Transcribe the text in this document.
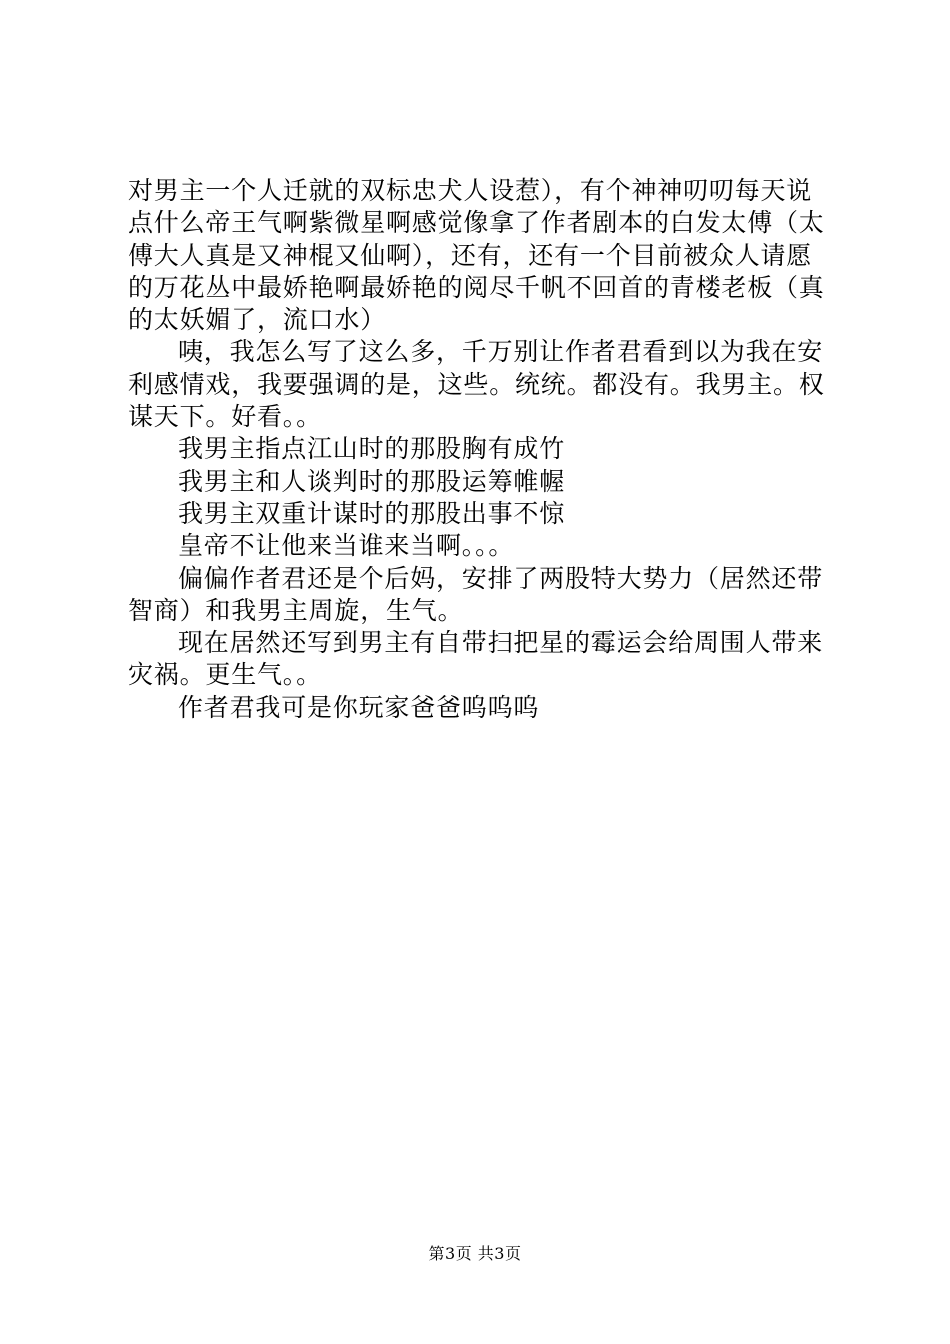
对男主一个人迁就的双标忠犬人设惹），有个神神叨叨每天说
点什么帝王气啊紫微星啊感觉像拿了作者剧本的白发太傅（太
傅大人真是又神棍又仙啊），还有，还有一个目前被众人请愿
的万花丛中最娇艳啊最娇艳的阅尽千帆不回首的青楼老板（真
的太妖媚了，流口水）
咦，我怎么写了这么多，千万别让作者君看到以为我在安
利感情戏，我要强调的是，这些。统统。都没有。我男主。权
谋天下。好看。。
我男主指点江山时的那股胸有成竹
我男主和人谈判时的那股运筹帷幄
我男主双重计谋时的那股出事不惊
皇帝不让他来当谁来当啊。。。
偏偏作者君还是个后妈，安排了两股特大势力（居然还带
智商）和我男主周旋，生气。
现在居然还写到男主有自带扫把星的霉运会给周围人带来
灾祸。更生气。。
作者君我可是你玩家爸爸呜呜呜
第3页 共3页
